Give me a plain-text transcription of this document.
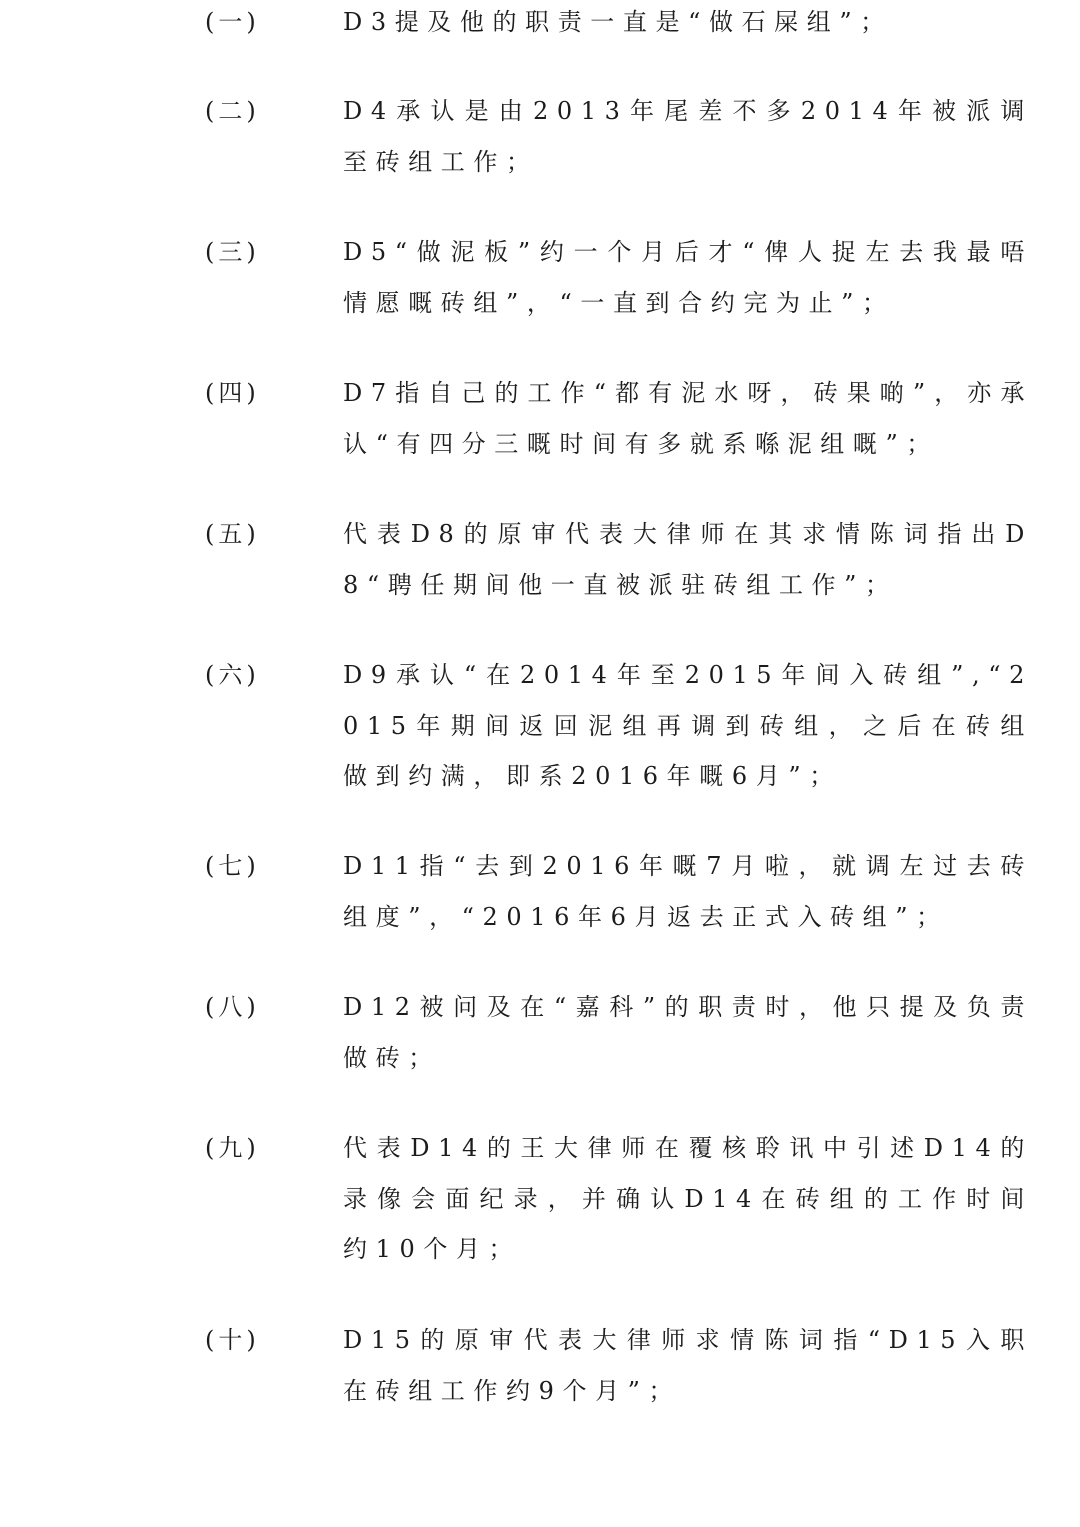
(一)	D3提及他的职责一直是“做石屎组”；
(二)	D4承认是由2013年尾差不多2014年被派调至砖组工作；
(三)	D5“做泥板”约一个月后才“俾人捉左去我最唔情愿嘅砖组”，“一直到合约完为止”；
(四)	D7指自己的工作“都有泥水呀，砖果啲”，亦承认“有四分三嘅时间有多就系喺泥组嘅”；
(五)	代表D8的原审代表大律师在其求情陈词指出D8“聘任期间他一直被派驻砖组工作”；
(六)	D9承认“在2014年至2015年间入砖组”,“2015年期间返回泥组再调到砖组，之后在砖组做到约满，即系2016年嘅6月”；
(七)	D11指“去到2016年嘅7月啦，就调左过去砖组度”，“2016年6月返去正式入砖组”；
(八)	D12被问及在“嘉科”的职责时，他只提及负责做砖；
(九)	代表D14的王大律师在覆核聆讯中引述D14的录像会面纪录，并确认D14在砖组的工作时间约10个月；
(十)	D15的原审代表大律师求情陈词指“D15入职在砖组工作约9个月”；
